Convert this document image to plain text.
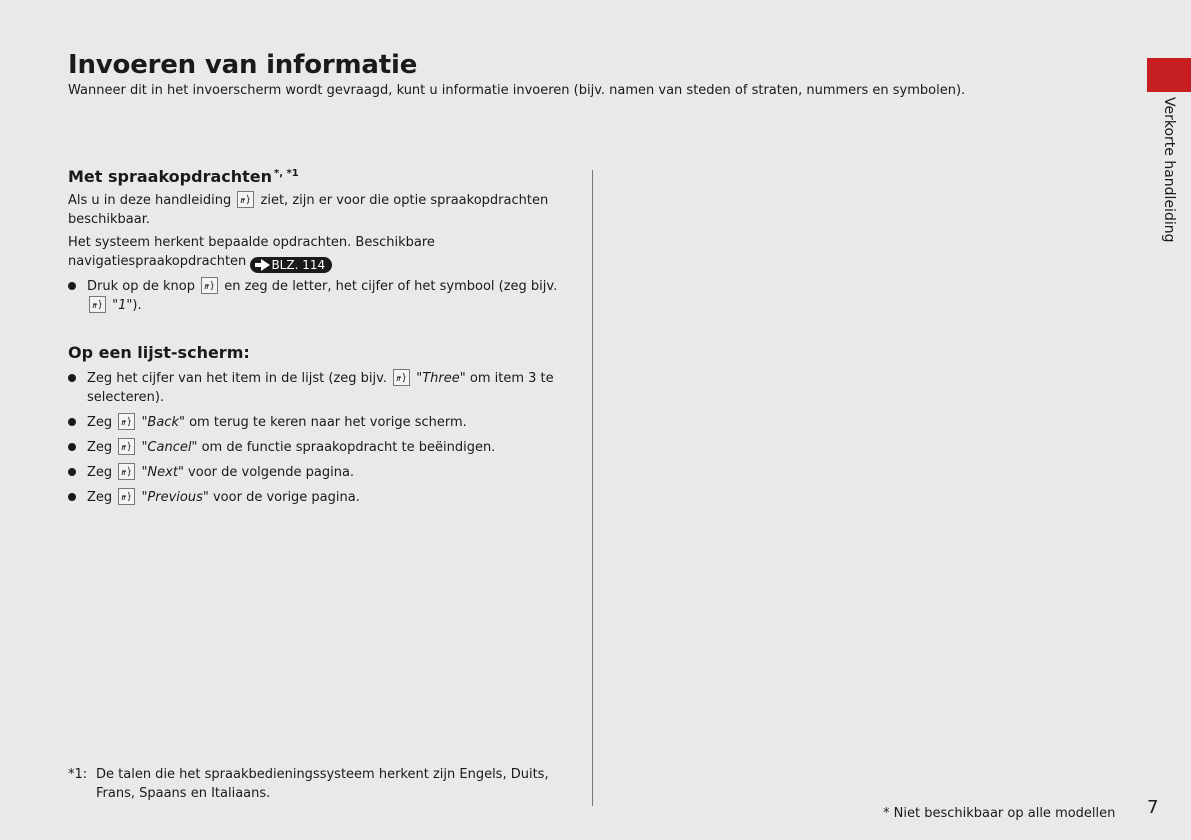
Invoeren van informatie
Wanneer dit in het invoerscherm wordt gevraagd, kunt u informatie invoeren (bijv. namen van steden of straten, nummers en symbolen).
Met spraakopdrachten $^{*, *1}$
Als u in deze handleiding ziet, zijn er voor die optie spraakopdrachten beschikbaar.
Het systeem herkent bepaalde opdrachten. Beschikbare navigatiespraakopdrachten BLZ. 114
Druk op de knop en zeg de letter, het cijfer of het symbool (zeg bijv.

"1").
Op een lijst-scherm:
Zeg het cijfer van het item in de lijst (zeg bijv. "Three" om item 3 te selecteren).
Zeg "Back" om terug te keren naar het vorige scherm.
Zeg "Cancel" om de functie spraakopdracht te beëindigen.
Zeg "Next" voor de volgende pagina.
Zeg "Previous" voor de vorige pagina.
*1: De talen die het spraakbedieningssysteem herkent zijn Engels, Duits, Frans, Spaans en Italiaans.
Verkorte handleiding
* Niet beschikbaar op alle modellen 7
